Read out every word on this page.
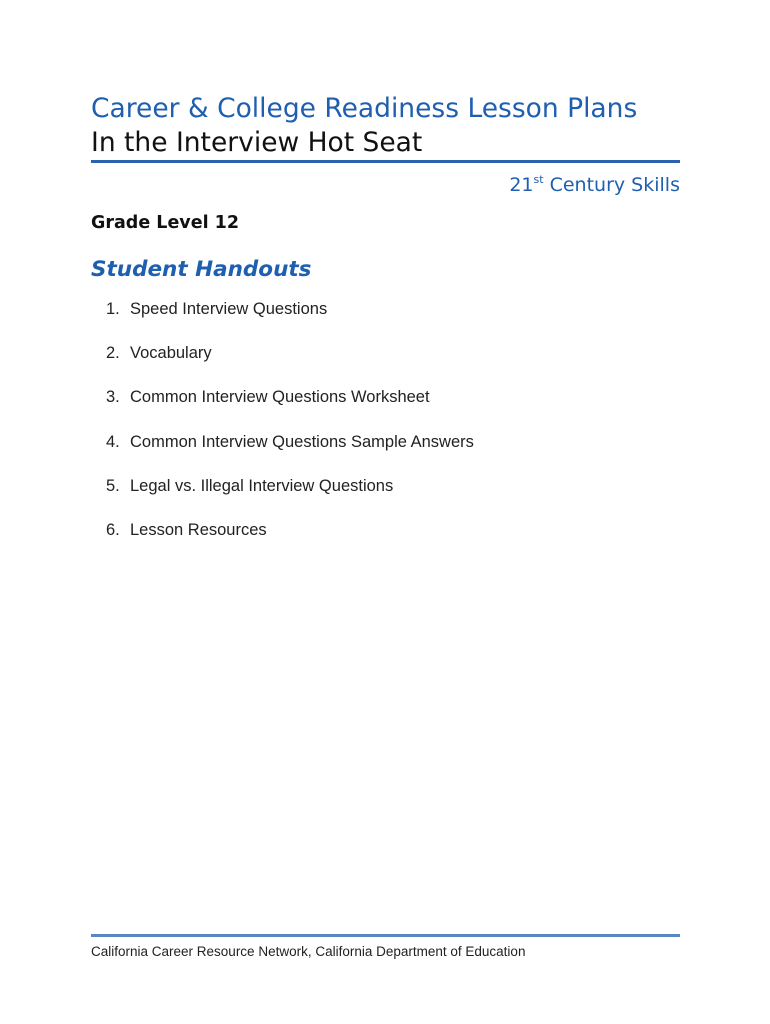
Career & College Readiness Lesson Plans
In the Interview Hot Seat
21st Century Skills
Grade Level 12
Student Handouts
1. Speed Interview Questions
2. Vocabulary
3. Common Interview Questions Worksheet
4. Common Interview Questions Sample Answers
5. Legal vs. Illegal Interview Questions
6. Lesson Resources
California Career Resource Network, California Department of Education
